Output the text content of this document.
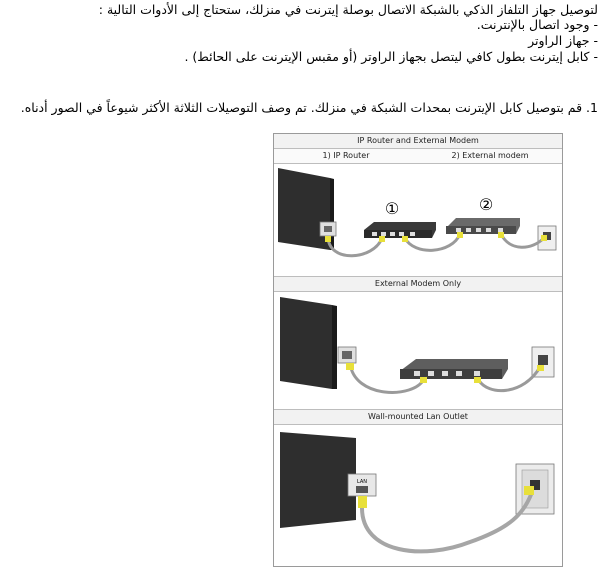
لتوصيل جهاز التلفاز الذكي بالشبكة الاتصال بوصلة إيترنت في منزلك، ستحتاج إلى الأدوات التالية :
- وجود اتصال بالإنترنت.
- جهاز الراوتر
- كابل إيترنت بطول كافي ليتصل بجهاز الراوتر (أو مقبس الإيترنت على الحائط) .
1. قم بتوصيل كابل الإيترنت بمحدات الشبكة في منزلك. تم وصف التوصيلات الثلاثة الأكثر شيوعاً في الصور أدناه.
IP Router and External Modem
1) IP Router	2) External modem
①	②
External Modem Only
Wall-mounted Lan Outlet
LAN
